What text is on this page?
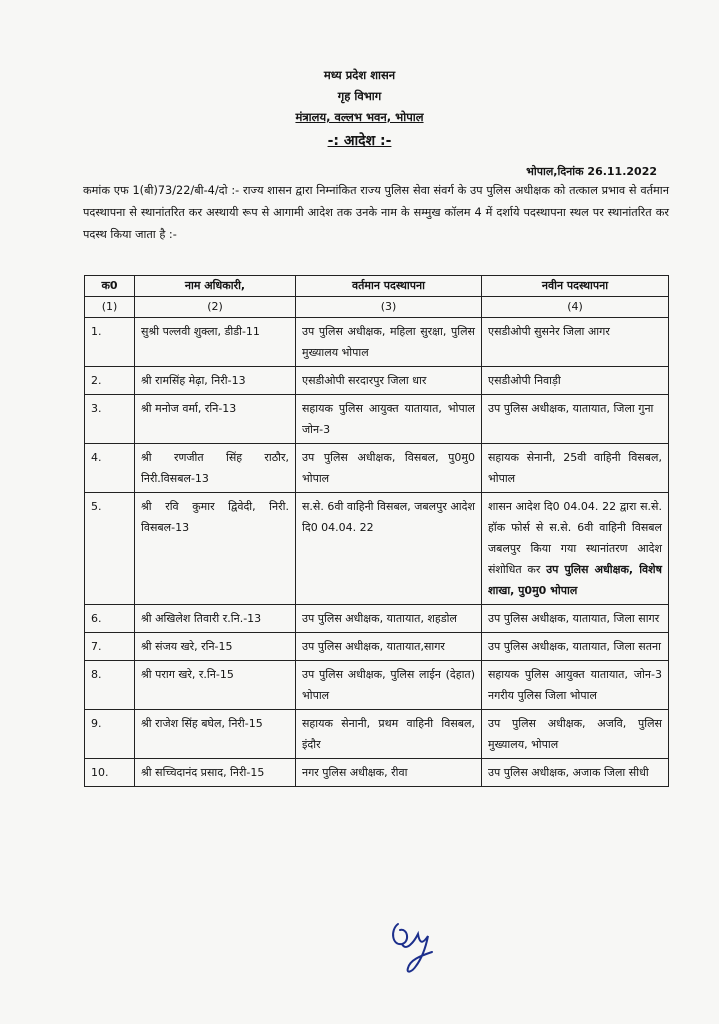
मध्य प्रदेश शासन
गृह विभाग
मंत्रालय, वल्लभ भवन, भोपाल
-: आदेश :-
भोपाल,दिनांक 26.11.2022
कमांक एफ 1(बी)73/22/बी-4/दो :- राज्य शासन द्वारा निम्नांकित राज्य पुलिस सेवा संवर्ग के उप पुलिस अधीक्षक को तत्काल प्रभाव से वर्तमान पदस्थापना से स्थानांतरित कर अस्थायी रूप से आगामी आदेश तक उनके नाम के सम्मुख कॉलम 4 में दर्शाये पदस्थापना स्थल पर स्थानांतरित कर पदस्थ किया जाता है :-
क0	नाम अधिकारी,	वर्तमान पदस्थापना	नवीन पदस्थापना
(1)	(2)	(3)	(4)
1.	सुश्री पल्लवी शुक्ला, डीडी-11	उप पुलिस अधीक्षक, महिला सुरक्षा, पुलिस मुख्यालय भोपाल	एसडीओपी सुसनेर जिला आगर
2.	श्री रामसिंह मेढ़ा, निरी-13	एसडीओपी सरदारपुर जिला धार	एसडीओपी निवाड़ी
3.	श्री मनोज वर्मा, रनि-13	सहायक पुलिस आयुक्त यातायात, भोपाल जोन-3	उप पुलिस अधीक्षक, यातायात, जिला गुना
4.	श्री रणजीत सिंह राठौर, निरी.विसबल-13	उप पुलिस अधीक्षक, विसबल, पु0मु0 भोपाल	सहायक सेनानी, 25वी वाहिनी विसबल, भोपाल
5.	श्री रवि कुमार द्विवेदी, निरी. विसबल-13	स.से. 6वी वाहिनी विसबल, जबलपुर आदेश दि0 04.04. 22	शासन आदेश दि0 04.04. 22 द्वारा स.से. हॉक फोर्स से स.से. 6वी वाहिनी विसबल जबलपुर किया गया स्थानांतरण आदेश संशोधित कर उप पुलिस अधीक्षक, विशेष शाखा, पु0मु0 भोपाल
6.	श्री अखिलेश तिवारी र.नि.-13	उप पुलिस अधीक्षक, यातायात, शहडोल	उप पुलिस अधीक्षक, यातायात, जिला सागर
7.	श्री संजय खरे, रनि-15	उप पुलिस अधीक्षक, यातायात,सागर	उप पुलिस अधीक्षक, यातायात, जिला सतना
8.	श्री पराग खरे, र.नि-15	उप पुलिस अधीक्षक, पुलिस लाईन (देहात) भोपाल	सहायक पुलिस आयुक्त यातायात, जोन-3 नगरीय पुलिस जिला भोपाल
9.	श्री राजेश सिंह बघेल, निरी-15	सहायक सेनानी, प्रथम वाहिनी विसबल, इंदौर	उप पुलिस अधीक्षक, अजवि, पुलिस मुख्यालय, भोपाल
10.	श्री सच्चिदानंद प्रसाद, निरी-15	नगर पुलिस अधीक्षक, रीवा	उप पुलिस अधीक्षक, अजाक जिला सीधी
